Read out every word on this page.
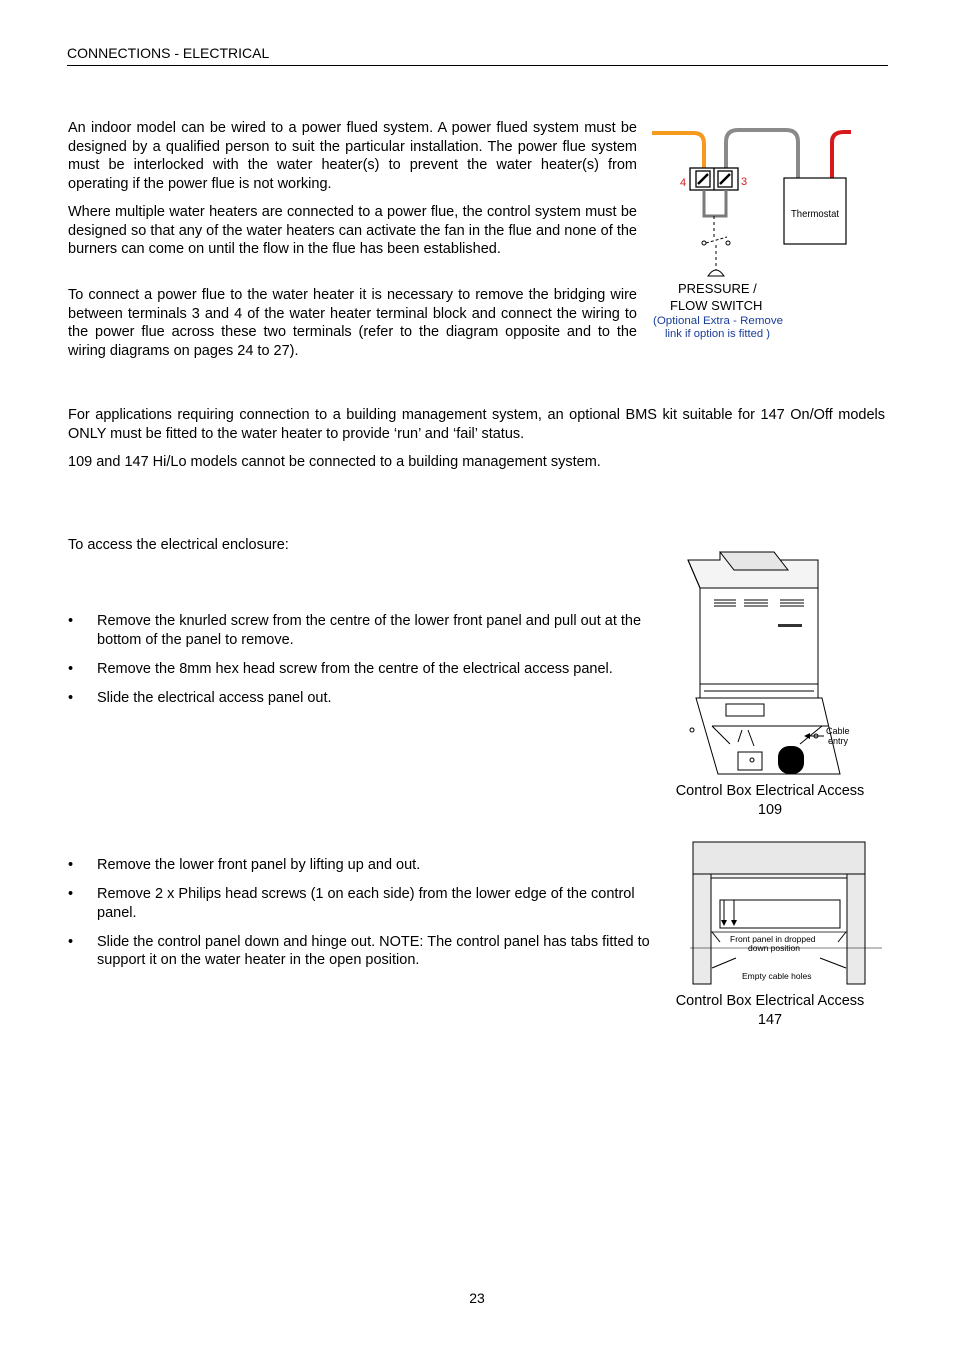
CONNECTIONS - ELECTRICAL

An indoor model can be wired to a power flued system. A power flued system must be designed by a qualified person to suit the particular installation. The power flue system must be interlocked with the water heater(s) to prevent the water heater(s) from operating if the power flue is not working.

Where multiple water heaters are connected to a power flue, the control system must be designed so that any of the water heaters can activate the fan in the flue and none of the burners can come on until the flow in the flue has been established.

To connect a power flue to the water heater it is necessary to remove the bridging wire between terminals 3 and 4 of the water heater terminal block and connect the wiring to the power flue across these two terminals (refer to the diagram opposite and to the wiring diagrams on pages 24 to 27).

4	3
Thermostat
PRESSURE /
FLOW SWITCH
(Optional Extra - Remove
link if option is fitted )

For applications requiring connection to a building management system, an optional BMS kit suitable for 147 On/Off models ONLY must be fitted to the water heater to provide ‘run’ and ‘fail’ status.

109 and 147 Hi/Lo models cannot be connected to a building management system.

To access the electrical enclosure:

• Remove the knurled screw from the centre of the lower front panel and pull out at the bottom of the panel to remove.
• Remove the 8mm hex head screw from the centre of the electrical access panel.
• Slide the electrical access panel out.
Cable
entry
Control Box Electrical Access
109
• Remove the lower front panel by lifting up and out.
• Remove 2 x Philips head screws (1 on each side) from the lower edge of the control panel.
• Slide the control panel down and hinge out. NOTE: The control panel has tabs fitted to support it on the water heater in the open position.
Front panel in dropped
down position
Empty cable holes
Control Box Electrical Access
147
23
